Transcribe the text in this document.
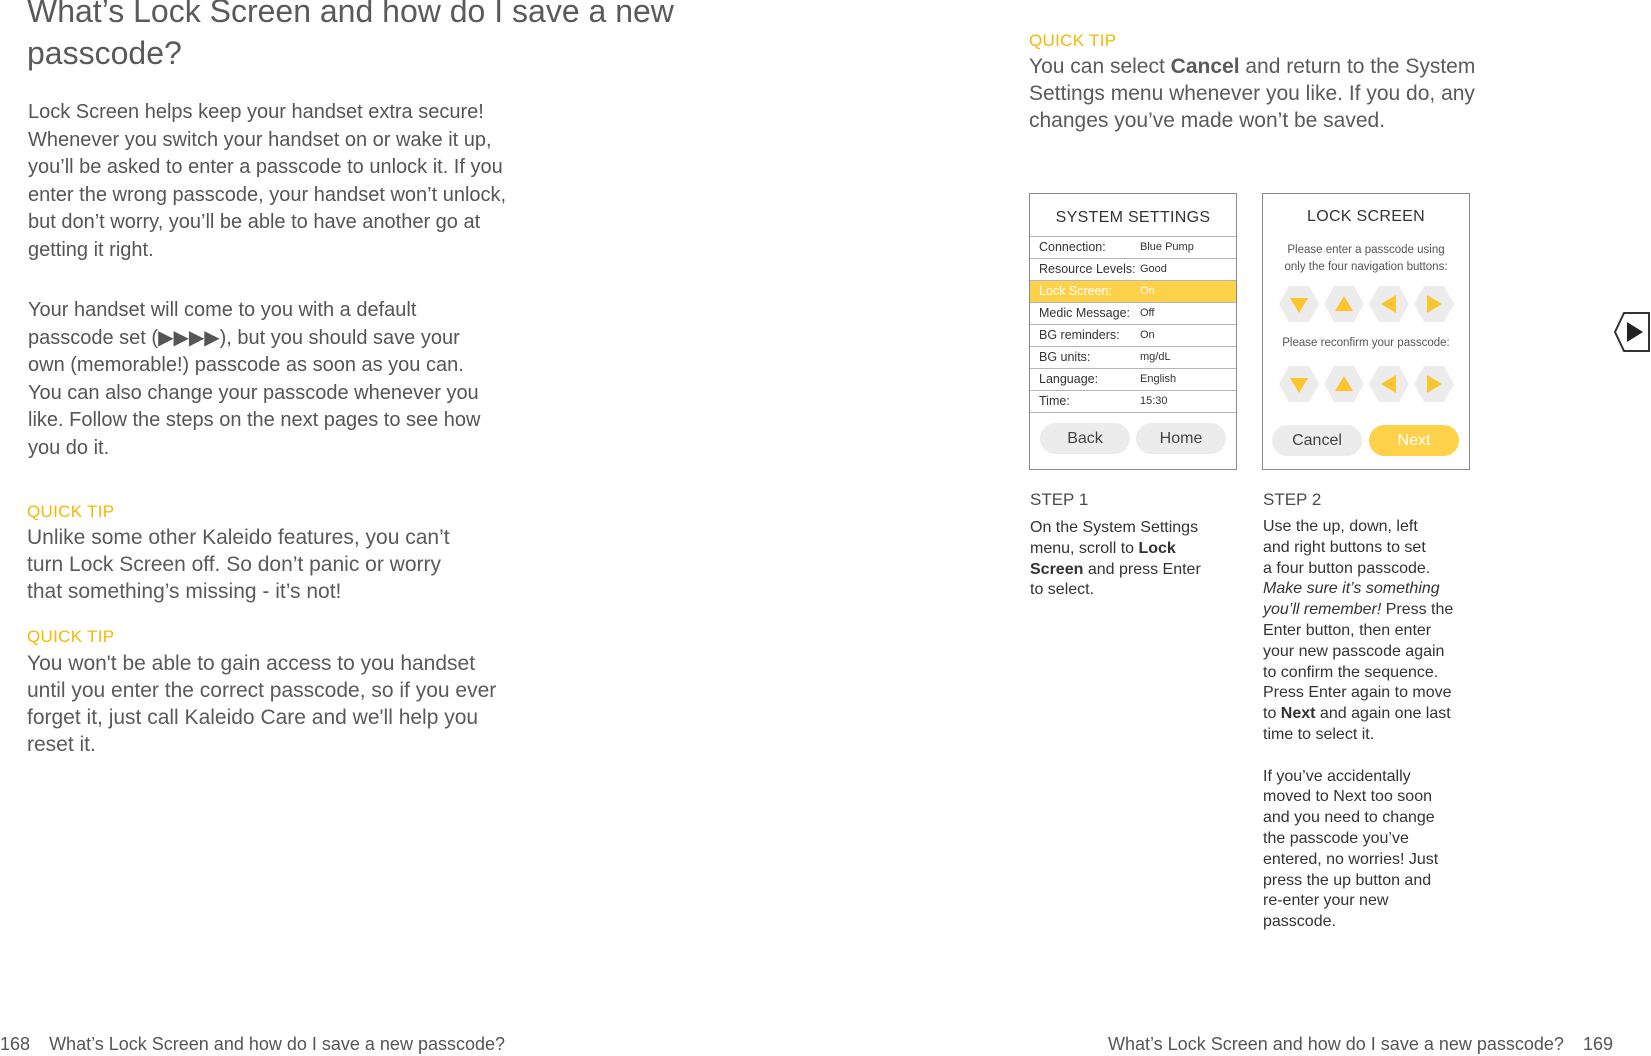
What’s Lock Screen and how do I save a new
passcode?
Lock Screen helps keep your handset extra secure!
Whenever you switch your handset on or wake it up,
you’ll be asked to enter a passcode to unlock it. If you
enter the wrong passcode, your handset won’t unlock,
but don’t worry, you’ll be able to have another go at
getting it right.
Your handset will come to you with a default
passcode set (▶▶▶▶), but you should save your
own (memorable!) passcode as soon as you can.
You can also change your passcode whenever you
like. Follow the steps on the next pages to see how
you do it.
QUICK TIP
Unlike some other Kaleido features, you can’t
turn Lock Screen off. So don’t panic or worry
that something’s missing - it’s not!
QUICK TIP
You won't be able to gain access to you handset
until you enter the correct passcode, so if you ever
forget it, just call Kaleido Care and we'll help you
reset it.
QUICK TIP
You can select Cancel and return to the System
Settings menu whenever you like. If you do, any
changes you’ve made won’t be saved.
SYSTEM SETTINGS
Connection:	Blue Pump
Resource Levels: Good
Lock Screen:	On
Medic Message: Off
BG reminders: On
BG units:	mg/dL
Language:	English
Time:	15:30
Back	Home
LOCK SCREEN
Please enter a passcode using
only the four navigation buttons:
Please reconfirm your passcode:
Cancel	Next
STEP 1
On the System Settings
menu, scroll to Lock
Screen and press Enter
to select.
STEP 2
Use the up, down, left
and right buttons to set
a four button passcode.
Make sure it’s something
you’ll remember! Press the
Enter button, then enter
your new passcode again
to confirm the sequence.
Press Enter again to move
to Next and again one last
time to select it.
If you’ve accidentally
moved to Next too soon
and you need to change
the passcode you’ve
entered, no worries! Just
press the up button and
re-enter your new
passcode.
168 What’s Lock Screen and how do I save a new passcode?	What’s Lock Screen and how do I save a new passcode? 169
